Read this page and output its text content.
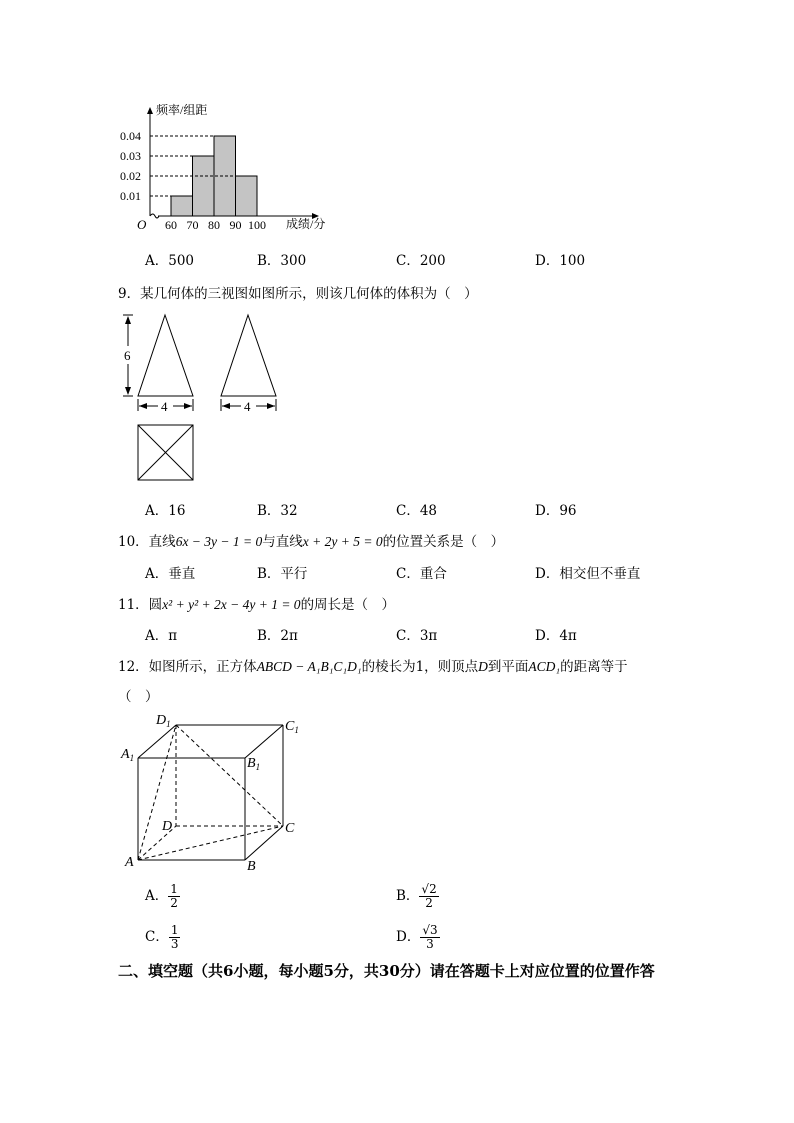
频率/组距
O
0.01
0.02
0.03
0.04
60 70 80 90 100 成绩/分
A．500	B．300	C．200	D．100
9．某几何体的三视图如图所示，则该几何体的体积为（　）
6
4	4
A．16	B．32	C．48	D．96
10．直线6x − 3y − 1 = 0与直线x + 2y + 5 = 0的位置关系是（　）
A．垂直	B．平行	C．重合	D．相交但不垂直
11．圆x² + y² + 2x − 4y + 1 = 0的周长是（　）
A．π	B．2π	C．3π	D．4π
12．如图所示，正方体ABCD − A₁B₁C₁D₁的棱长为1，则顶点D到平面ACD₁的距离等于
（　）
$D_1$	$C_1$
$A_1$	$B_1$
D	C
A	B
A． $\frac{1}{2}$	B． $\frac{√2}{2}$
C． $\frac{1}{3}$	D． $\frac{√3}{3}$
二、填空题（共6小题，每小题5分，共30分）请在答题卡上对应位置的位置作答
